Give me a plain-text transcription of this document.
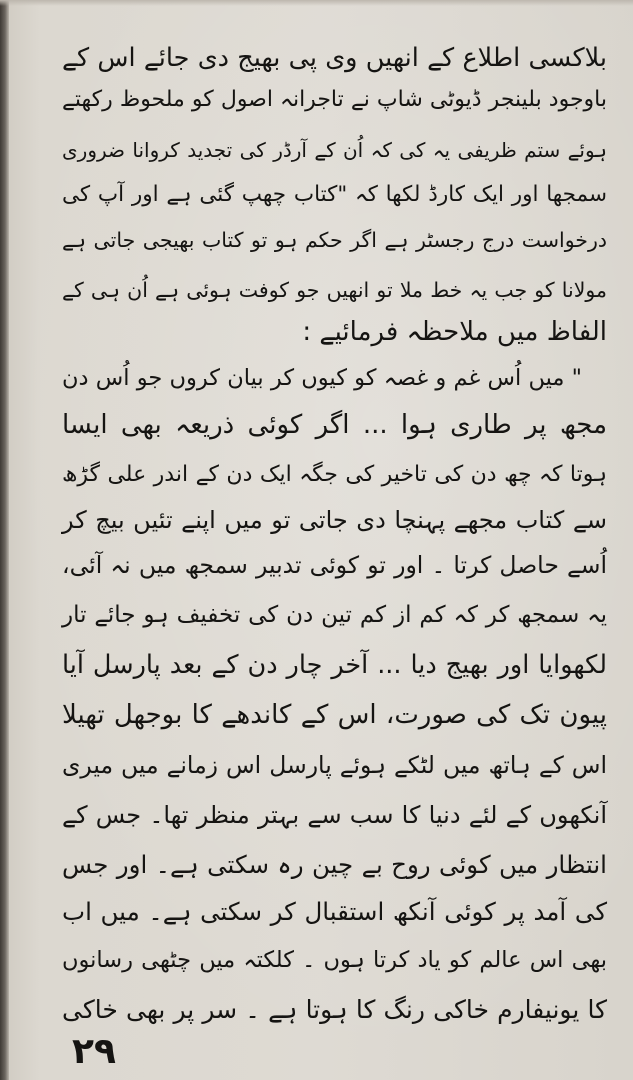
بلاکسی اطلاع کے انھیں وی پی بھیج دی جائے اس کے
باوجود بلینجر ڈیوٹی شاپ نے تاجرانہ اصول کو ملحوظ رکھتے
ہوئے ستم ظریفی یہ کی کہ اُن کے آرڈر کی تجدید کروانا ضروری
سمجھا اور ایک کارڈ لکھا کہ "کتاب چھپ گئی ہے اور آپ کی
درخواست درج رجسٹر ہے اگر حکم ہو تو کتاب بھیجی جاتی ہے
مولانا کو جب یہ خط ملا تو انھیں جو کوفت ہوئی ہے اُن ہی کے
الفاظ میں ملاحظہ فرمائیے :
" میں اُس غم و غصہ کو کیوں کر بیان کروں جو اُس دن
مجھ پر طاری ہوا ... اگر کوئی ذریعہ بھی ایسا
ہوتا کہ چھ دن کی تاخیر کی جگہ ایک دن کے اندر علی گڑھ
سے کتاب مجھے پہنچا دی جاتی تو میں اپنے تئیں بیچ کر
اُسے حاصل کرتا ۔ اور تو کوئی تدبیر سمجھ میں نہ آئی،
یہ سمجھ کر کہ کم از کم تین دن کی تخفیف ہو جائے تار
لکھوایا اور بھیج دیا ... آخر چار دن کے بعد پارسل آیا
پیون تک کی صورت، اس کے کاندھے کا بوجھل تھیلا
اس کے ہاتھ میں لٹکے ہوئے پارسل اس زمانے میں میری
آنکھوں کے لئے دنیا کا سب سے بہتر منظر تھا۔ جس کے
انتظار میں کوئی روح بے چین رہ سکتی ہے۔ اور جس
کی آمد پر کوئی آنکھ استقبال کر سکتی ہے۔ میں اب
بھی اس عالم کو یاد کرتا ہوں ۔ کلکتہ میں چٹھی رسانوں
کا یونیفارم خاکی رنگ کا ہوتا ہے ۔ سر پر بھی خاکی
۲۹
